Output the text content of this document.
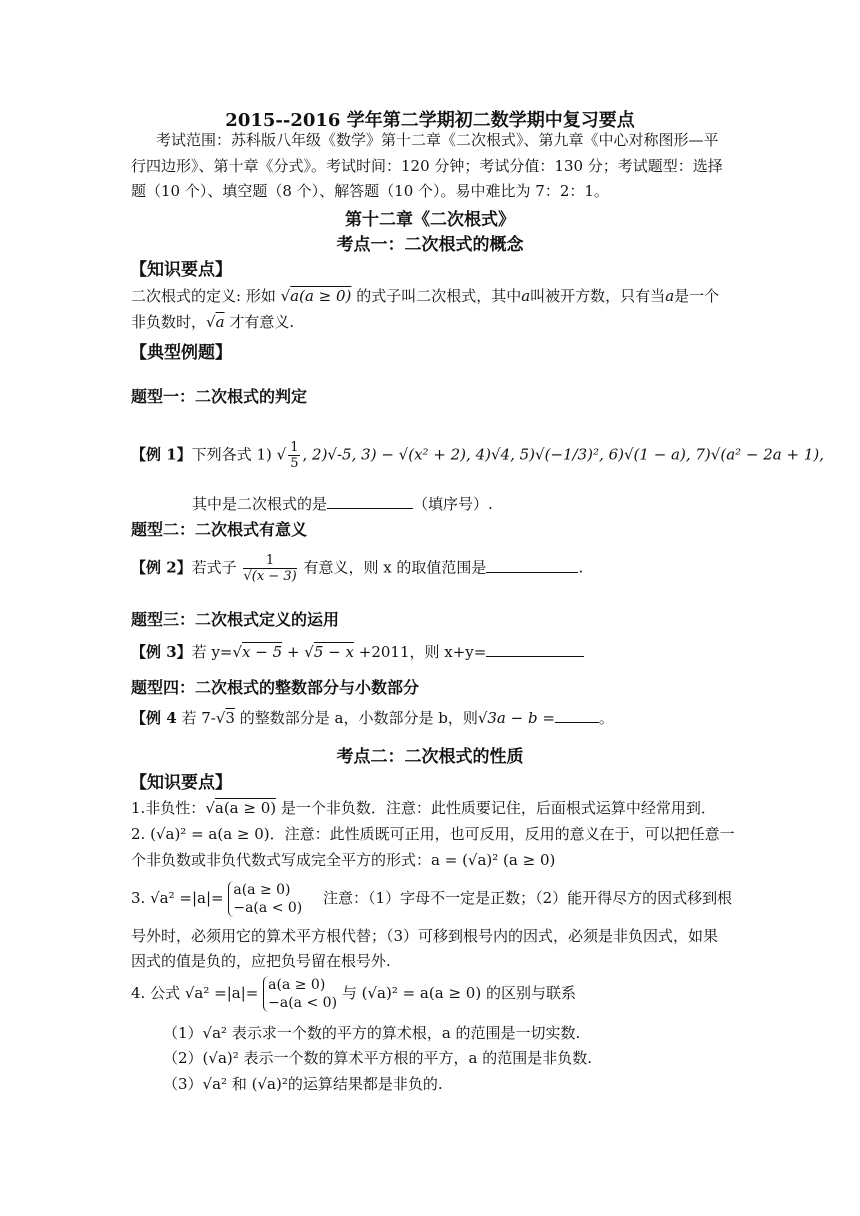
2015--2016 学年第二学期初二数学期中复习要点
考试范围：苏科版八年级《数学》第十二章《二次根式》、第九章《中心对称图形—平
行四边形》、第十章《分式》。考试时间：120 分钟；考试分值：130 分；考试题型：选择
题（10 个）、填空题（8 个）、解答题（10 个）。易中难比为 7：2：1。
第十二章《二次根式》
考点一：二次根式的概念
【知识要点】
二次根式的定义: 形如 √a(a ≥ 0) 的式子叫二次根式，其中a叫被开方数，只有当a是一个
非负数时，√a 才有意义.
【典型例题】
题型一：二次根式的判定
【例 1】下列各式 1) √ $\frac{1}{5}$ , 2)√-5, 3) − √(x² + 2), 4)√4, 5)√(−1/3)², 6)√(1 − a), 7)√(a² − 2a + 1),
其中是二次根式的是	（填序号）.
题型二：二次根式有意义
【例 2】若式子 $\frac{1}{√(x - 3)}$ 有意义，则 x 的取值范围是	.
题型三：二次根式定义的运用
【例 3】若 y=√x − 5 + √5 − x +2011，则 x+y=
题型四：二次根式的整数部分与小数部分
【例 4 若 7-√3 的整数部分是 a，小数部分是 b，则√3a − b =	。
考点二：二次根式的性质
【知识要点】
1.非负性：√a(a ≥ 0) 是一个非负数．注意：此性质要记住，后面根式运算中经常用到．
2. (√a)² = a(a ≥ 0)．注意：此性质既可正用，也可反用，反用的意义在于，可以把任意一
个非负数或非负代数式写成完全平方的形式：a = (√a)² (a ≥ 0)
3. √a² =|a|= a(a ≥ 0)
−a(a < 0)
注意：（1）字母不一定是正数；（2）能开得尽方的因式移到根
号外时，必须用它的算术平方根代替；（3）可移到根号内的因式，必须是非负因式，如果
因式的值是负的，应把负号留在根号外.
4. 公式 √a² =|a|= a(a ≥ 0)
−a(a < 0)
与 (√a)² = a(a ≥ 0) 的区别与联系
（1）√a² 表示求一个数的平方的算术根，a 的范围是一切实数.
（2）(√a)² 表示一个数的算术平方根的平方，a 的范围是非负数.
（3）√a² 和 (√a)²的运算结果都是非负的.
